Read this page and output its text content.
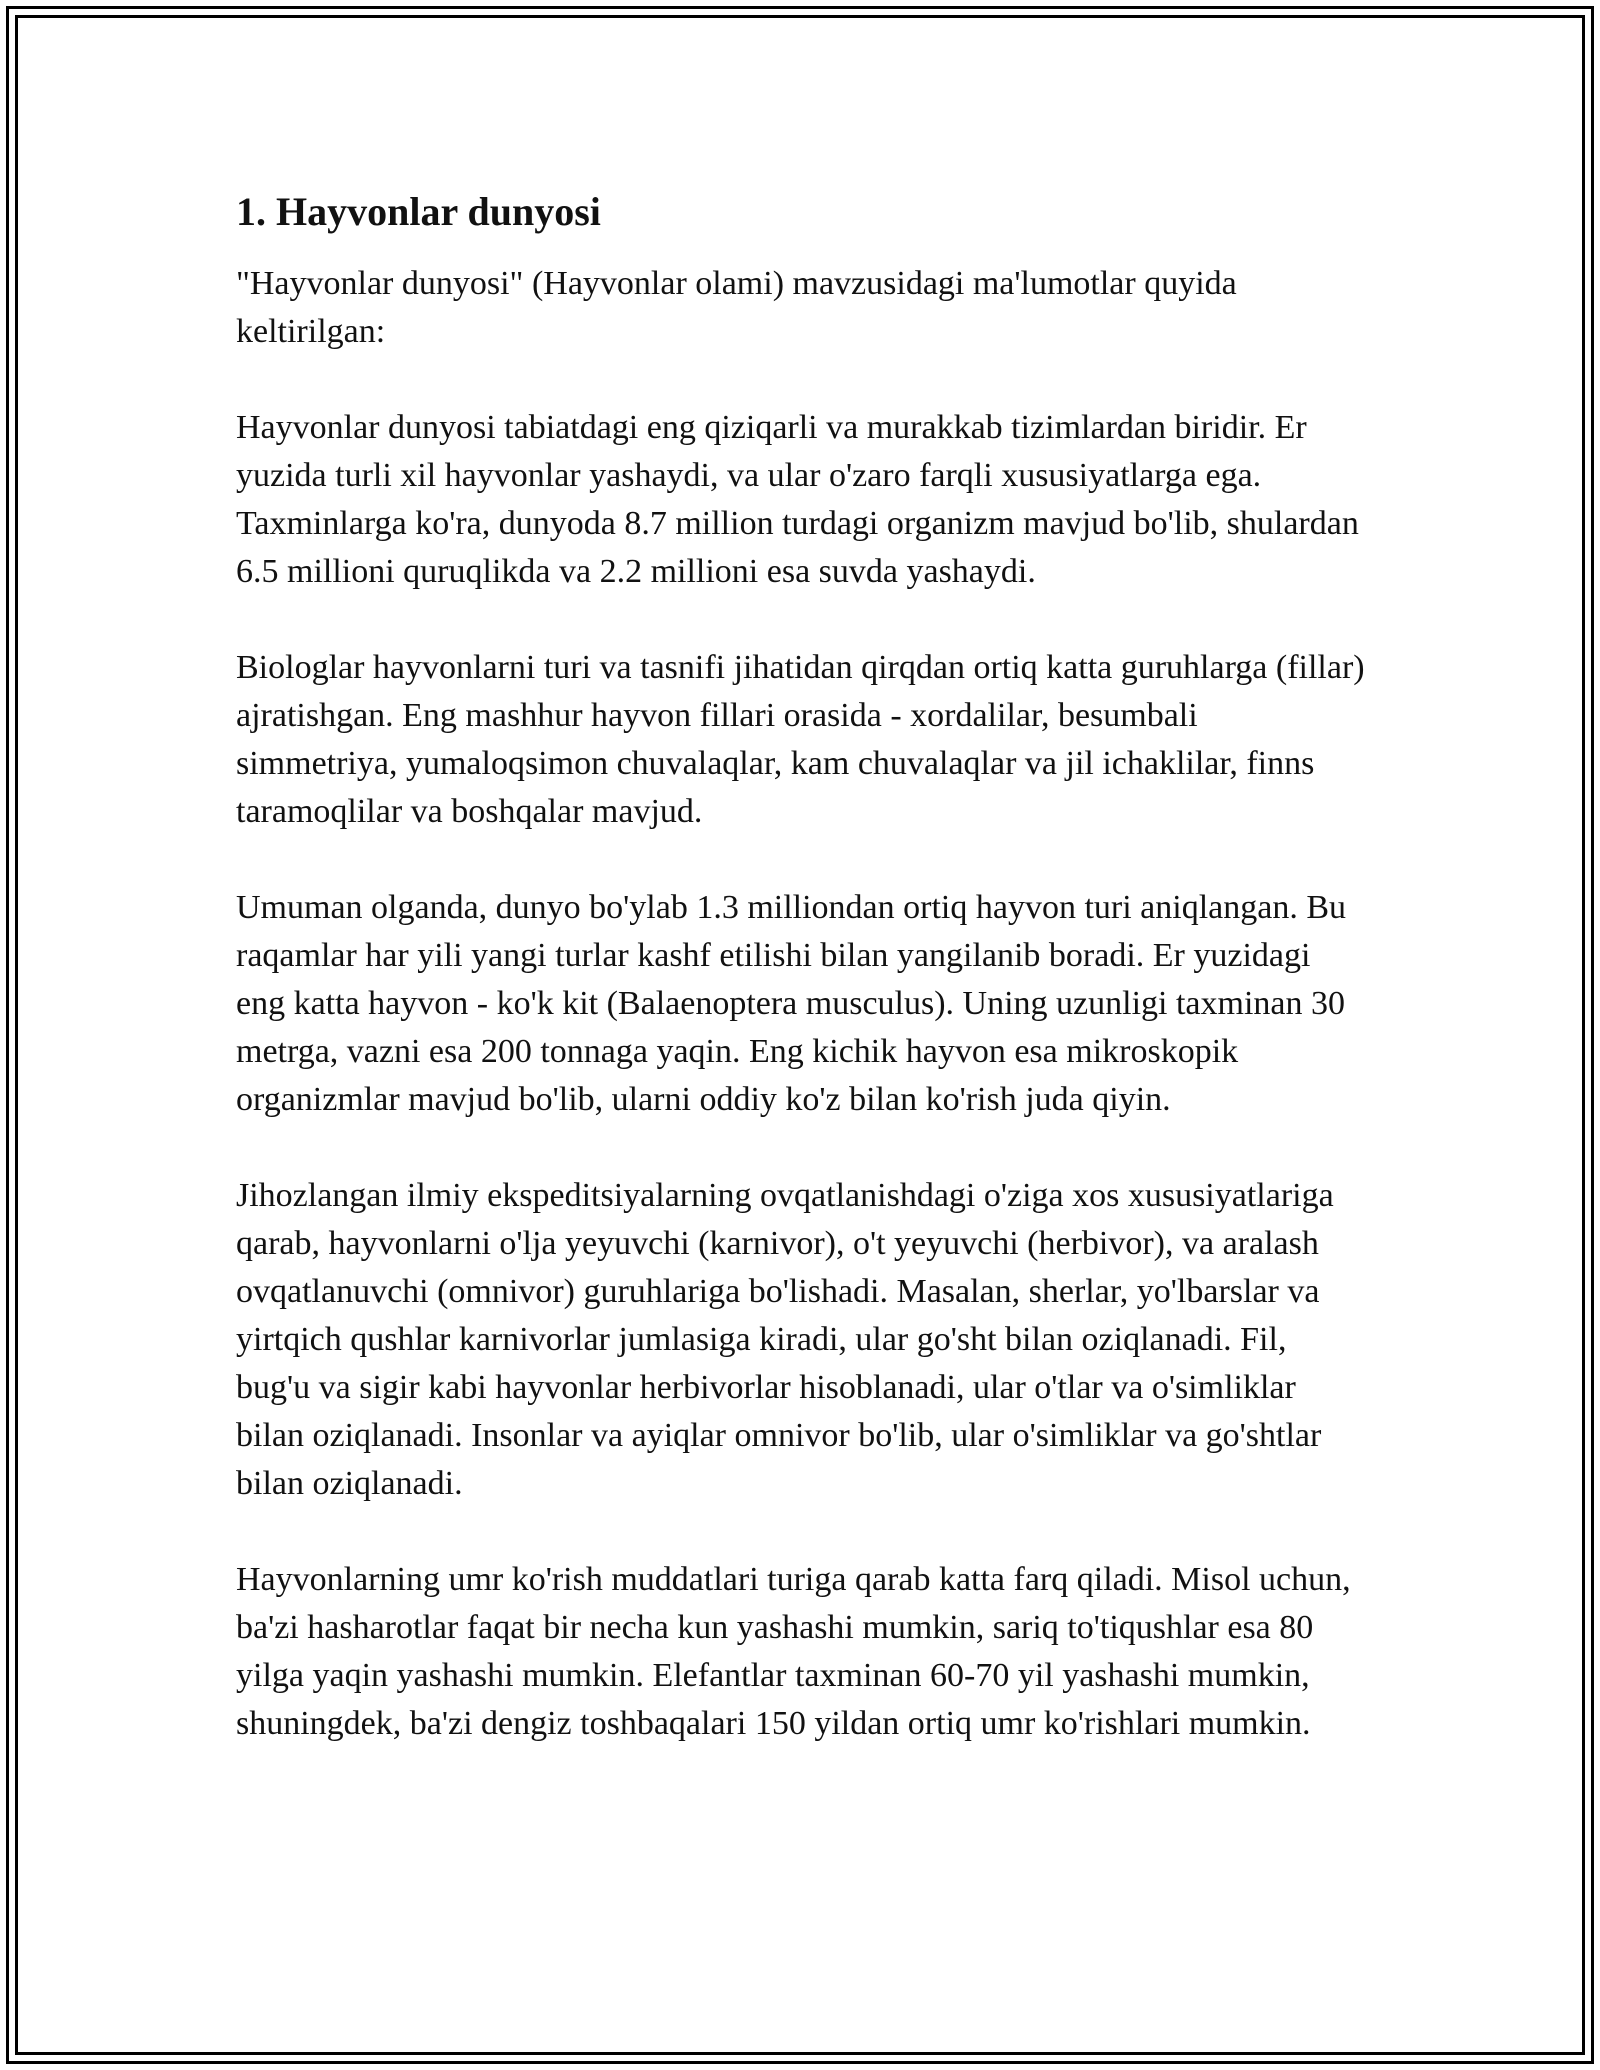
1. Hayvonlar dunyosi

"Hayvonlar dunyosi" (Hayvonlar olami) mavzusidagi ma'lumotlar quyida keltirilgan:

Hayvonlar dunyosi tabiatdagi eng qiziqarli va murakkab tizimlardan biridir. Er yuzida turli xil hayvonlar yashaydi, va ular o'zaro farqli xususiyatlarga ega. Taxminlarga ko'ra, dunyoda 8.7 million turdagi organizm mavjud bo'lib, shulardan 6.5 millioni quruqlikda va 2.2 millioni esa suvda yashaydi.

Biologlar hayvonlarni turi va tasnifi jihatidan qirqdan ortiq katta guruhlarga (fillar) ajratishgan. Eng mashhur hayvon fillari orasida - xordalilar, besumbali simmetriya, yumaloqsimon chuvalaqlar, kam chuvalaqlar va jil ichaklilar, finns taramoqlilar va boshqalar mavjud.

Umuman olganda, dunyo bo'ylab 1.3 milliondan ortiq hayvon turi aniqlangan. Bu raqamlar har yili yangi turlar kashf etilishi bilan yangilanib boradi. Er yuzidagi eng katta hayvon - ko'k kit (Balaenoptera musculus). Uning uzunligi taxminan 30 metrga, vazni esa 200 tonnaga yaqin. Eng kichik hayvon esa mikroskopik organizmlar mavjud bo'lib, ularni oddiy ko'z bilan ko'rish juda qiyin.

Jihozlangan ilmiy ekspeditsiyalarning ovqatlanishdagi o'ziga xos xususiyatlariga qarab, hayvonlarni o'lja yeyuvchi (karnivor), o't yeyuvchi (herbivor), va aralash ovqatlanuvchi (omnivor) guruhlariga bo'lishadi. Masalan, sherlar, yo'lbarslar va yirtqich qushlar karnivorlar jumlasiga kiradi, ular go'sht bilan oziqlanadi. Fil, bug'u va sigir kabi hayvonlar herbivorlar hisoblanadi, ular o'tlar va o'simliklar bilan oziqlanadi. Insonlar va ayiqlar omnivor bo'lib, ular o'simliklar va go'shtlar bilan oziqlanadi.

Hayvonlarning umr ko'rish muddatlari turiga qarab katta farq qiladi. Misol uchun, ba'zi hasharotlar faqat bir necha kun yashashi mumkin, sariq to'tiqushlar esa 80 yilga yaqin yashashi mumkin. Elefantlar taxminan 60-70 yil yashashi mumkin, shuningdek, ba'zi dengiz toshbaqalari 150 yildan ortiq umr ko'rishlari mumkin.
